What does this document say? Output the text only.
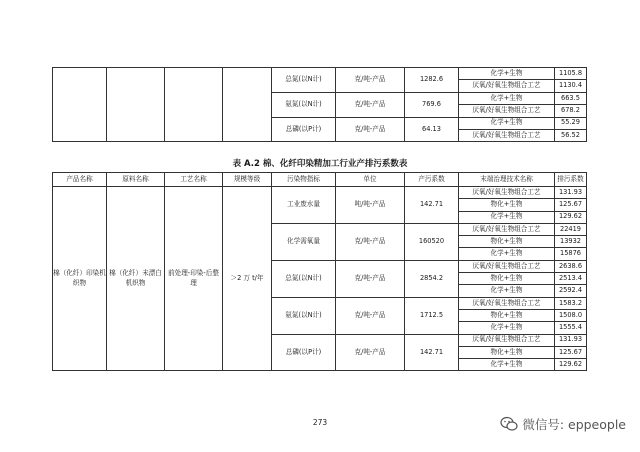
				总氮(以N计)	克/吨-产品	1282.6	化学+生物	1105.8
							厌氧/好氧生物组合工艺	1130.4
				氨氮(以N计)	克/吨-产品	769.6	化学+生物	663.5
							厌氧/好氧生物组合工艺	678.2
				总磷(以P计)	克/吨-产品	64.13	化学+生物	55.29
							厌氧/好氧生物组合工艺	56.52
表 A.2 棉、化纤印染精加工行业产排污系数表
产品名称	原料名称	工艺名称	规模等级	污染物指标	单位	产污系数	末端治理技术名称	排污系数
棉（化纤）印染机织物	棉（化纤）未漂白机织物	前处理-印染-后整理	＞2 万 t/年	工业废水量	吨/吨-产品	142.71	厌氧/好氧生物组合工艺	131.93
							物化+生物	125.67
							化学+生物	129.62
				化学需氧量	克/吨-产品	160520	厌氧/好氧生物组合工艺	22419
							物化+生物	13932
							化学+生物	15876
				总氮(以N计)	克/吨-产品	2854.2	厌氧/好氧生物组合工艺	2638.6
							物化+生物	2513.4
							化学+生物	2592.4
				氨氮(以N计)	克/吨-产品	1712.5	厌氧/好氧生物组合工艺	1583.2
							物化+生物	1508.0
							化学+生物	1555.4
				总磷(以P计)	克/吨-产品	142.71	厌氧/好氧生物组合工艺	131.93
							物化+生物	125.67
							化学+生物	129.62
273	微信号: eppeople
